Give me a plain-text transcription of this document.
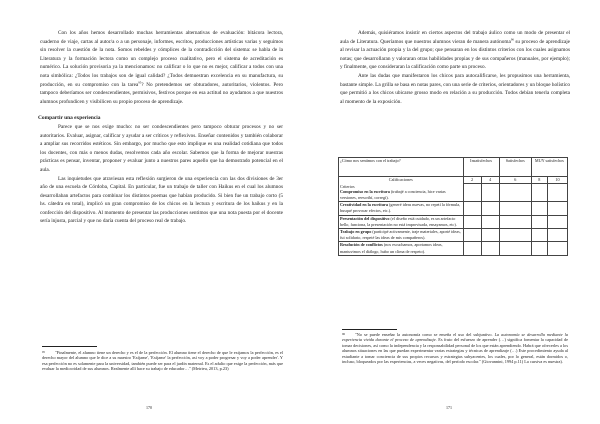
Con los años hemos desarrollado muchas herramientas alternativas de evaluación: bitácora lectora, cuaderno de viaje, cartas al autor/a o a un personaje, informes, escritos, producciones artísticas varias y seguimos sin resolver la cuestión de la nota. Somos rebeldes y cómplices de la contradicción del sistema: se habla de la Literatura y la formación lectora como un complejo proceso cualitativo, pero el sistema de acreditación es numérico. La solución provisoria ya la mencionamos: no calificar o lo que no es mejor, calificar a todos con una nota simbólica: ¿Todos los trabajos son de igual calidad? ¿Todos demuestran excelencia en su manufactura, su producción, en su compromiso con la tarea$^{95}$? No pretendemos ser obturadores, autoritarios, violentos. Pero tampoco deberíamos ser condescendientes, permisivos, festivos porque en esa actitud no ayudamos a que nuestros alumnos profundicen y visibilicen su propio proceso de aprendizaje.

Compartir una experiencia

Parece que se nos exige mucho: no ser condescendientes pero tampoco obturar procesos y no ser autoritarios. Evaluar, asignar, calificar y ayudar a ser críticos y reflexivos. Enseñar contenidos y también colaborar a ampliar sus recorridos estéticos. Sin embargo, por mucho que esto implique es una realidad cotidiana que todos los docentes, con más o menos dudas, resolvemos cada año escolar. Sabemos que la forma de mejorar nuestras prácticas es pensar, inventar, proponer y evaluar junto a nuestros pares aquello que ha demostrado potencial en el aula.

Las inquietudes que atraviesan esta reflexión surgieron de una experiencia con las dos divisiones de 3er año de una escuela de Córdoba, Capital. En particular, fue un trabajo de taller con Haikus en el cual los alumnos desarrollaban artefactos para combinar los distintos poemas que habían producido. Si bien fue un trabajo corto (5 hs. cátedra en total), implicó un gran compromiso de los chicos en la lectura y escritura de los haikus y en la confección del dispositivo. Al momento de presentar las producciones sentimos que una nota puesta por el docente sería injusta, parcial y que no daría cuenta del proceso real de trabajo.

$^{95}$ "Finalmente, el alumno tiene un derecho y es el de la perfección. El alumno tiene el derecho de que le exijamos la perfección, es el derecho mayor del alumno que le dice a su maestro 'Exíjame', 'Exíjame' la perfección, así voy a poder progresar y voy a poder aprender'. Y esa perfección no es solamente para la universidad, también puede ser para el jardín maternal. Es el adulto que exige la perfección, más que evaluar la mediocridad de sus alumnos. Realmente allí hace su trabajo de educador…" (Meirieu, 2013, p.23)
170

Además, quisiéramos insistir en ciertos aspectos del trabajo áulico como un modo de presentar el aula de Literatura. Queríamos que nuestros alumnos vieran de manera autónoma$^{96}$ su proceso de aprendizaje al revisar la actuación propia y la del grupo; que pensaran en los distintos criterios con los cuales asignamos notas; que desarrollaran y valoraran otras habilidades propias y de sus compañeros (manuales, por ejemplo); y finalmente, que consideraran la calificación como parte un proceso.

Ante las dudas que manifestaron los chicos para autocalificarse, les propusimos una herramienta, bastante simple. La grilla se basa en notas pares, con una serie de criterios, orientadores y un bloque holístico que permitió a los chicos ubicarse grosso modo en relación a su producción. Todos debían tenerla completa al momento de la exposición.

¿Cómo nos sentimos con el trabajo?	Insatisfechos		Satisfechos	MUY satisfechos	
Calificaciones	2	4	6	8	10
Criterios					
Compromiso en la escritura (trabajé a conciencia, hice varias versiones, reescribí, corregí).					
Creatividad en la escritura (generé ideas nuevas, no repetí la fórmula, busqué provocar efectos, etc.).					
Presentación del dispositivo (el diseño está cuidado, es un artefacto bello, funciona, la presentación no está improvisada, ensayamos, etc).					
Trabajo en grupo (participé activamente, traje materiales, aporté ideas, fui solidario, respeté las ideas de mis compañeros).					
Resolución de conflictos (nos escuchamos, aportamos ideas, mantuvimos el diálogo, hubo un clima de respeto).					
$^{96}$ "No se puede enseñar la autonomía como se enseña el uso del subjuntivo. La autonomía se desarrolla mediante la experiencia vivida durante el proceso de aprendizaje. Es fruto del esfuerzo de aprender (…) significa fomentar la capacidad de tomar decisiones, así como la independencia y la responsabilidad personal de los que están aprendiendo. Habrá que ofrecerles a los alumnos situaciones en las que puedan experimentar varias estrategias y técnicas de aprendizaje (…) Este procedimiento ayuda al estudiante a tomar conciencia de sus propios recursos y estrategias subyacentes, los cuales, por lo general, están dormidos o, incluso, bloqueados por las experiencias, a veces negativas, del período escolar." (Giovannini, 1994 p.11) La cursiva es nuestra).
171
